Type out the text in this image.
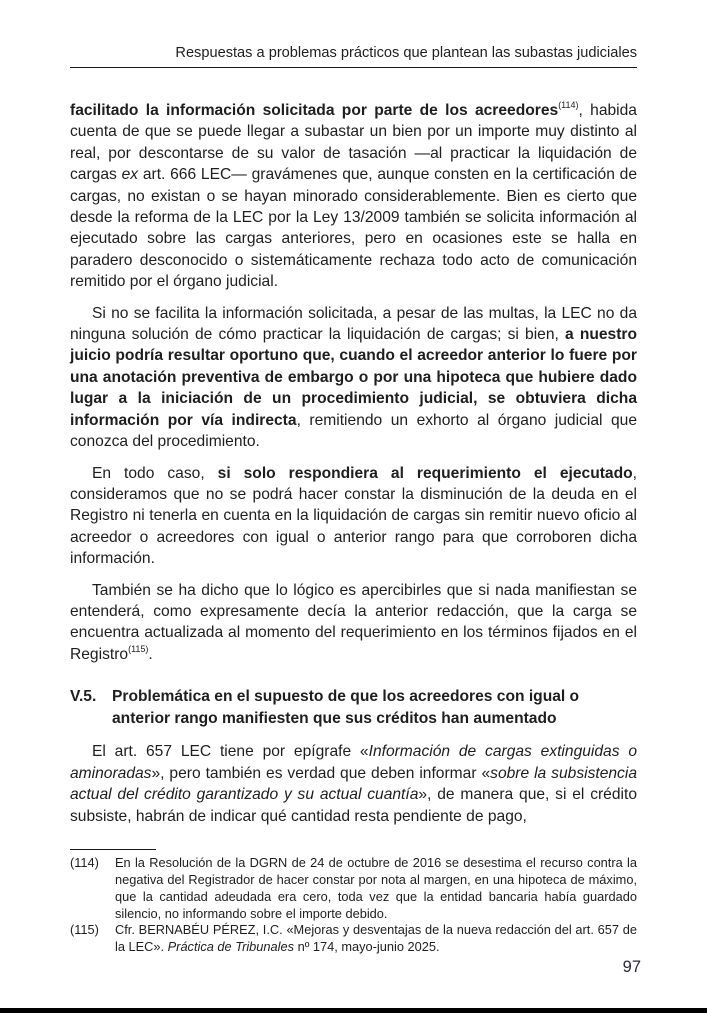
Respuestas a problemas prácticos que plantean las subastas judiciales

facilitado la información solicitada por parte de los acreedores$^{(114)}$, habida cuenta de que se puede llegar a subastar un bien por un importe muy distinto al real, por descontarse de su valor de tasación —al practicar la liquidación de cargas ex art. 666 LEC— gravámenes que, aunque consten en la certificación de cargas, no existan o se hayan minorado considerablemente. Bien es cierto que desde la reforma de la LEC por la Ley 13/2009 también se solicita información al ejecutado sobre las cargas anteriores, pero en ocasiones este se halla en paradero desconocido o sistemáticamente rechaza todo acto de comunicación remitido por el órgano judicial.

Si no se facilita la información solicitada, a pesar de las multas, la LEC no da ninguna solución de cómo practicar la liquidación de cargas; si bien, a nuestro juicio podría resultar oportuno que, cuando el acreedor anterior lo fuere por una anotación preventiva de embargo o por una hipoteca que hubiere dado lugar a la iniciación de un procedimiento judicial, se obtuviera dicha información por vía indirecta, remitiendo un exhorto al órgano judicial que conozca del procedimiento.

En todo caso, si solo respondiera al requerimiento el ejecutado, consideramos que no se podrá hacer constar la disminución de la deuda en el Registro ni tenerla en cuenta en la liquidación de cargas sin remitir nuevo oficio al acreedor o acreedores con igual o anterior rango para que corroboren dicha información.

También se ha dicho que lo lógico es apercibirles que si nada manifiestan se entenderá, como expresamente decía la anterior redacción, que la carga se encuentra actualizada al momento del requerimiento en los términos fijados en el Registro$^{(115)}$.

V.5.	Problemática en el supuesto de que los acreedores con igual o anterior rango manifiesten que sus créditos han aumentado

El art. 657 LEC tiene por epígrafe «Información de cargas extinguidas o aminoradas», pero también es verdad que deben informar «sobre la subsistencia actual del crédito garantizado y su actual cuantía», de manera que, si el crédito subsiste, habrán de indicar qué cantidad resta pendiente de pago,

(114)	En la Resolución de la DGRN de 24 de octubre de 2016 se desestima el recurso contra la negativa del Registrador de hacer constar por nota al margen, en una hipoteca de máximo, que la cantidad adeudada era cero, toda vez que la entidad bancaria había guardado silencio, no informando sobre el importe debido.
(115)	Cfr. BERNABÉU PÉREZ, I.C. «Mejoras y desventajas de la nueva redacción del art. 657 de la LEC». Práctica de Tribunales nº 174, mayo-junio 2025.
97
